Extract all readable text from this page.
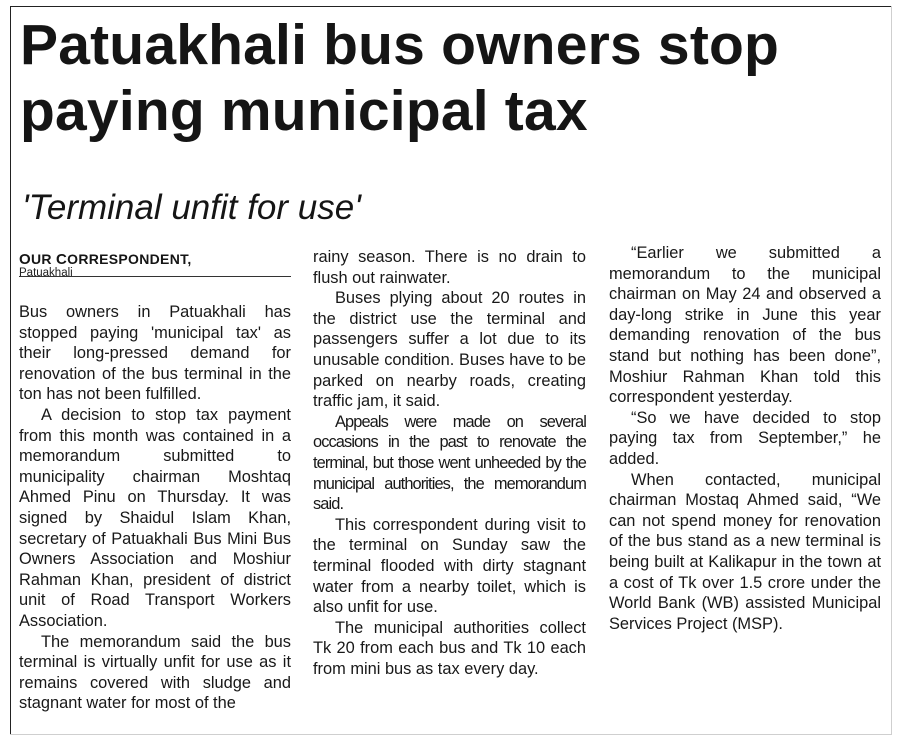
Patuakhali bus owners stop
paying municipal tax
'Terminal unfit for use'
OUR CORRESPONDENT,
Patuakhali

Bus owners in Patuakhali has stopped paying 'municipal tax' as their long-pressed demand for renovation of the bus terminal in the ton has not been fulfilled.

A decision to stop tax payment from this month was contained in a memorandum submitted to municipality chairman Moshtaq Ahmed Pinu on Thursday. It was signed by Shaidul Islam Khan, secretary of Patuakhali Bus Mini Bus Owners Association and Moshiur Rahman Khan, president of district unit of Road Transport Workers Association.

The memorandum said the bus terminal is virtually unfit for use as it remains covered with sludge and stagnant water for most of the

rainy season. There is no drain to flush out rainwater.

Buses plying about 20 routes in the district use the terminal and passengers suffer a lot due to its unusable condition. Buses have to be parked on nearby roads, creating traffic jam, it said.

Appeals were made on several occasions in the past to renovate the terminal, but those went unheeded by the municipal authorities, the memorandum said.

This correspondent during visit to the terminal on Sunday saw the terminal flooded with dirty stagnant water from a nearby toilet, which is also unfit for use.

The municipal authorities collect Tk 20 from each bus and Tk 10 each from mini bus as tax every day.

“Earlier we submitted a memorandum to the municipal chairman on May 24 and observed a day-long strike in June this year demanding renovation of the bus stand but nothing has been done”, Moshiur Rahman Khan told this correspondent yesterday.

“So we have decided to stop paying tax from September,” he added.

When contacted, municipal chairman Mostaq Ahmed said, “We can not spend money for renovation of the bus stand as a new terminal is being built at Kalikapur in the town at a cost of Tk over 1.5 crore under the World Bank (WB) assisted Municipal Services Project (MSP).
